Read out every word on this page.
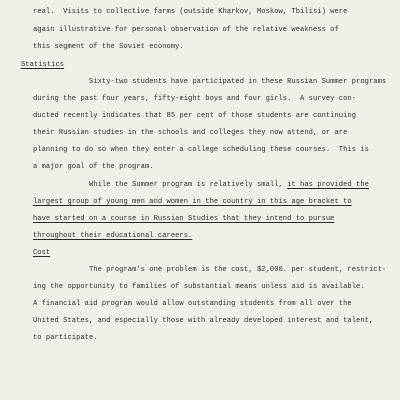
real.  Visits to collective farms (outside Kharkov, Moskow, Tbilisi) were
again illustrative for personal observation of the relative weakness of
this segment of the Soviet economy.
Statistics
Sixty-two students have participated in these Russian Summer programs
during the past four years, fifty-eight boys and four girls.  A survey con-
ducted recently indicates that 85 per cent of those students are continuing
their Russian studies in the schools and colleges they now attend, or are
planning to do so when they enter a college scheduling these courses.  This is
a major goal of the program.
While the Summer program is relatively small, it has provided the
largest group of young men and women in the country in this age bracket to
have started on a course in Russian Studies that they intend to pursue
throughout their educational careers.
Cost
The program's one problem is the cost, $2,000. per student, restrict-
ing the opportunity to families of substantial means unless aid is available.
A financial aid program would allow outstanding students from all over the
United States, and especially those with already developed interest and talent,
to participate.
